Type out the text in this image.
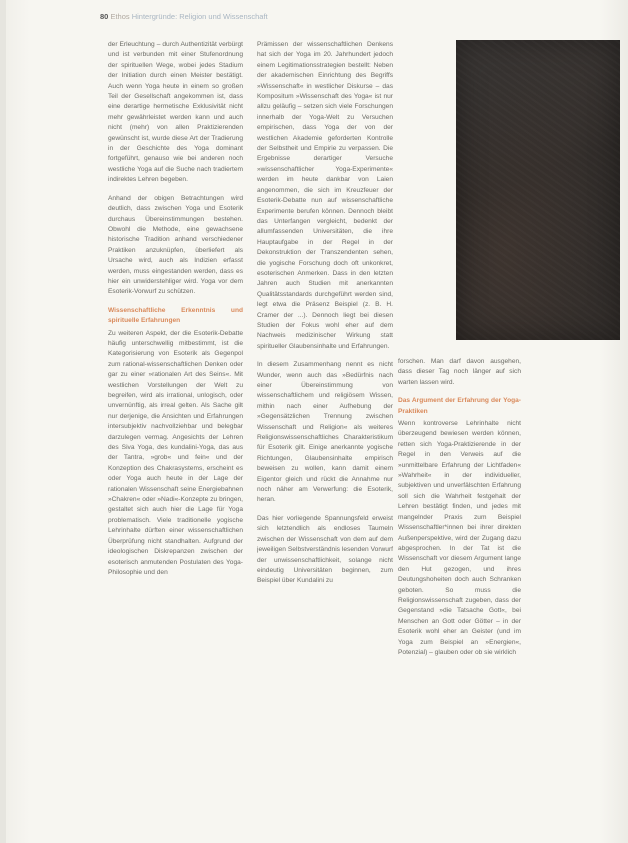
80 Ethos Hintergründe: Religion und Wissenschaft

der Erleuchtung – durch Authentizität verbürgt und ist verbunden mit einer Stufenordnung der spirituellen Wege, wobei jedes Stadium der Initiation durch einen Meister bestätigt. Auch wenn Yoga heute in einem so großen Teil der Gesellschaft angekommen ist, dass eine derartige hermetische Exklusivität nicht mehr gewährleistet werden kann und auch nicht (mehr) von allen Praktizierenden gewünscht ist, wurde diese Art der Tradierung in der Geschichte des Yoga dominant fortgeführt, genauso wie bei anderen noch westliche Yoga auf die Suche nach tradiertem indirektes Lehren begeben.

Anhand der obigen Betrachtungen wird deutlich, dass zwischen Yoga und Esoterik durchaus Übereinstimmungen bestehen. Obwohl die Methode, eine gewachsene historische Tradition anhand verschiedener Praktiken anzuknüpfen, überliefert als Ursache wird, auch als Indizien erfasst werden, muss eingestanden werden, dass es hier ein unwiderstehliger wird. Yoga vor dem Esoterik-Vorwurf zu schützen.

Wissenschaftliche Erkenntnis und spirituelle Erfahrungen

Zu weiteren Aspekt, der die Esoterik-Debatte häufig unterschwellig mitbestimmt, ist die Kategorisierung von Esoterik als Gegenpol zum rational-wissenschaftlichen Denken oder gar zu einer »rationalen Art des Seins«. Mit westlichen Vorstellungen der Welt zu begreifen, wird als irrational, unlogisch, oder unvernünftig, als irreal gelten. Als Sache gilt nur derjenige, die Ansichten und Erfahrungen intersubjektiv nachvollziehbar und belegbar darzulegen vermag. Angesichts der Lehren des Siva Yoga, des kundalini-Yoga, das aus der Tantra, »grob« und fein« und der Konzeption des Chakrasystems, erscheint es oder Yoga auch heute in der Lage der rationalen Wissenschaft seine Energiebahnen »Chakren« oder »Nadi«-Konzepte zu bringen, gestaltet sich auch hier die Lage für Yoga problematisch. Viele traditionelle yogische Lehrinhalte dürften einer wissenschaftlichen Überprüfung nicht standhalten. Aufgrund der ideologischen Diskrepanzen zwischen der esoterisch anmutenden Postulaten des Yoga-Philosophie und den

Prämissen der wissenschaftlichen Denkens hat sich der Yoga im 20. Jahrhundert jedoch einem Legitimationsstrategien bestellt: Neben der akademischen Einrichtung des Begriffs »Wissenschaft« in westlicher Diskurse – das Kompositum »Wissenschaft des Yoga« ist nur allzu geläufig – setzen sich viele Forschungen innerhalb der Yoga-Welt zu Versuchen empirischen, dass Yoga der von der westlichen Akademie geforderten Kontrolle der Selbstheit und Empirie zu verpassen. Die Ergebnisse derartiger Versuche »wissenschaftlicher Yoga-Experimente« werden im heute dankbar von Laien angenommen, die sich im Kreuzfeuer der Esoterik-Debatte nun auf wissenschaftliche Experimente berufen können. Dennoch bleibt das Unterfangen vergleicht, bedenkt der allumfassenden Universitäten, die ihre Hauptaufgabe in der Regel in der Dekonstruktion der Transzendenten sehen, die yogische Forschung doch oft unkonkret, esoterischen Anmerken. Dass in den letzten Jahren auch Studien mit anerkannten Qualitätsstandards durchgeführt werden sind, legt etwa die Präsenz Beispiel (z. B. H. Cramer der ...). Dennoch liegt bei diesen Studien der Fokus wohl eher auf dem Nachweis medizinischer Wirkung statt spiritueller Glaubensinhalte und Erfahrungen.

In diesem Zusammenhang nennt es nicht Wunder, wenn auch das »Bedürfnis nach einer Übereinstimmung von wissenschaftlichem und religiösem Wissen, mithin nach einer Aufhebung der »Gegensätzlichen Trennung zwischen Wissenschaft und Religion« als weiteres Religionswissenschaftliches Charakteristikum für Esoterik gilt. Einige anerkannte yogische Richtungen, Glaubensinhalte empirisch beweisen zu wollen, kann damit einem Eigentor gleich und rückt die Annahme nur noch näher am Verwerfung: die Esoterik, heran.

Das hier vorliegende Spannungsfeld erweist sich letztendlich als endloses Taumeln zwischen der Wissenschaft von dem auf dem jeweiligen Selbstverständnis lesenden Vorwurf der unwissenschaftlichkeit, solange nicht eindeutig Universitäten beginnen, zum Beispiel über Kundalini zu

forschen. Man darf davon ausgehen, dass dieser Tag noch länger auf sich warten lassen wird.

Das Argument der Erfahrung der Yoga-Praktiken

Wenn kontroverse Lehrinhalte nicht überzeugend bewiesen werden können, retten sich Yoga-Praktizierende in der Regel in den Verweis auf die »unmittelbare Erfahrung der Lichtfaden« »Wahrheit« in der individueller, subjektiven und unverfälschten Erfahrung soll sich die Wahrheit festgehalt der Lehren bestätigt finden, und jedes mit mangelnder Praxis zum Beispiel Wissenschaftler*innen bei ihrer direkten Außenperspektive, wird der Zugang dazu abgesprochen. In der Tat ist die Wissenschaft vor diesem Argument lange den Hut gezogen, und ihres Deutungshoheiten doch auch Schranken geboten. So muss die Religionswissenschaft zugeben, dass der Gegenstand »die Tatsache Gott«, bei Menschen an Gott oder Götter – in der Esoterik wohl eher an Geister (und im Yoga zum Beispiel an »Energien«, Potenzial) – glauben oder ob sie wirklich
